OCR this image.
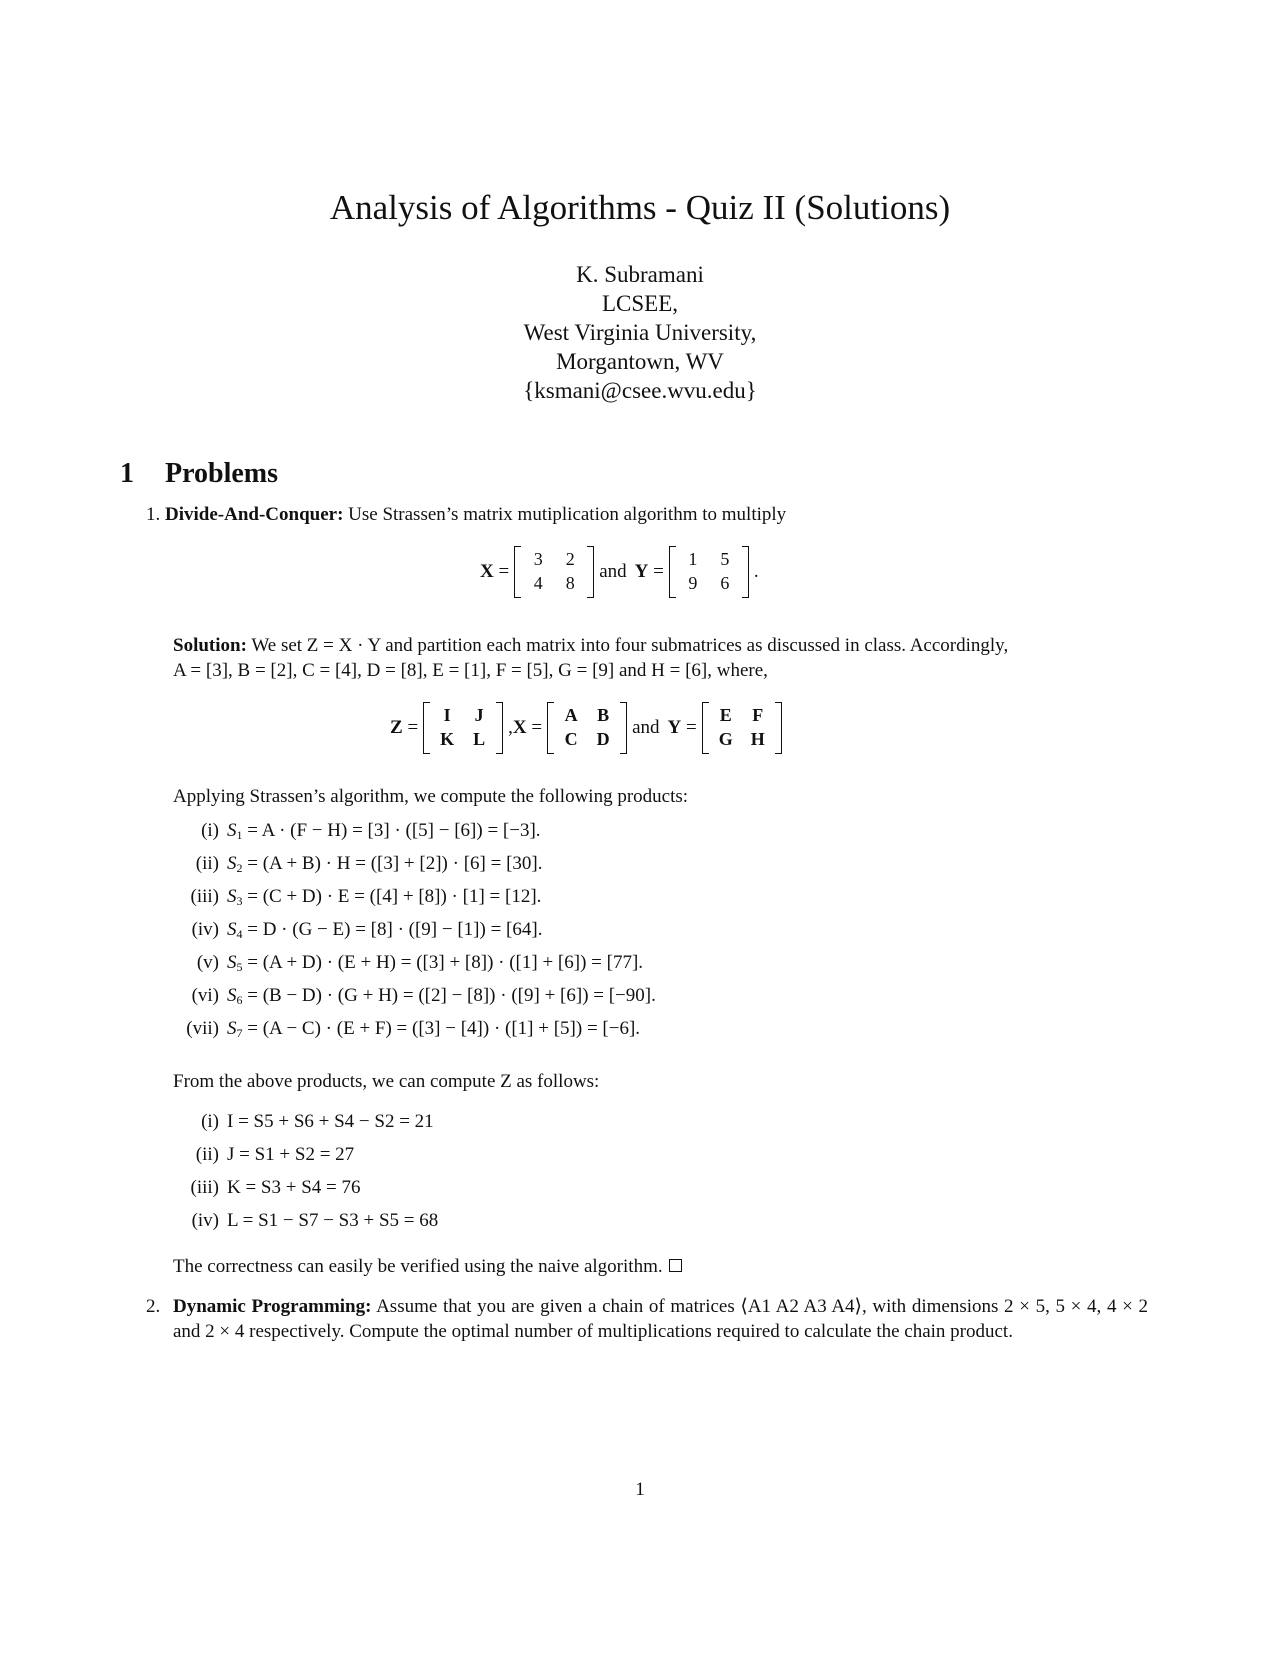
Analysis of Algorithms - Quiz II (Solutions)
K. Subramani
LCSEE,
West Virginia University,
Morgantown, WV
{ksmani@csee.wvu.edu}
1 Problems
1. Divide-And-Conquer: Use Strassen’s matrix mutiplication algorithm to multiply
X =
3 2
4 8
and Y =
1 5
9 6
.
Solution: We set Z = X · Y and partition each matrix into four submatrices as discussed in class. Accordingly,
A = [3], B = [2], C = [4], D = [8], E = [1], F = [5], G = [9] and H = [6], where,
Z =
I J
K L
, X =
A B
C D
and Y =
E F
G H
Applying Strassen’s algorithm, we compute the following products:
(i) $S_1 = A \cdot (F - H) = [3] \cdot ([5] - [6]) = [-3]$.
(ii) $S_2 = (A + B) \cdot H = ([3] + [2]) \cdot [6] = [30]$.
(iii) $S_3 = (C + D) \cdot E = ([4] + [8]) \cdot [1] = [12]$.
(iv) $S_4 = D \cdot (G - E) = [8] \cdot ([9] - [1]) = [64]$.
(v) $S_5 = (A + D) \cdot (E + H) = ([3] + [8]) \cdot ([1] + [6]) = [77]$.
(vi) $S_6 = (B - D) \cdot (G + H) = ([2] - [8]) \cdot ([9] + [6]) = [-90]$.
(vii) $S_7 = (A - C) \cdot (E + F) = ([3] - [4]) \cdot ([1] + [5]) = [-6]$.
From the above products, we can compute Z as follows:
(i) I = S5 + S6 + S4 − S2 = 21
(ii) J = S1 + S2 = 27
(iii) K = S3 + S4 = 76
(iv) L = S1 − S7 − S3 + S5 = 68
The correctness can easily be verified using the naive algorithm.
2. Dynamic Programming: Assume that you are given a chain of matrices ⟨A1 A2 A3 A4⟩, with dimensions 2 × 5, 5 × 4, 4 × 2 and 2 × 4 respectively. Compute the optimal number of multiplications required to calculate the chain product.
1
